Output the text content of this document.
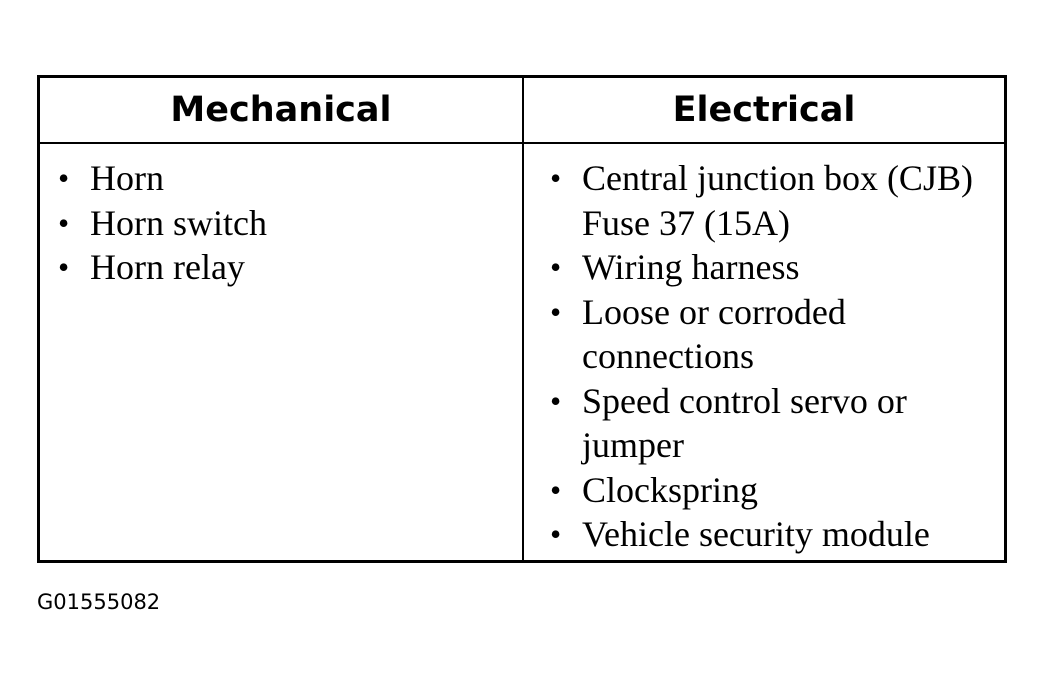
Mechanical	Electrical
• Horn
• Horn switch
• Horn relay
• Central junction box (CJB) Fuse 37 (15A)
• Wiring harness
• Loose or corroded connections
• Speed control servo or jumper
• Clockspring
• Vehicle security module
G01555082
